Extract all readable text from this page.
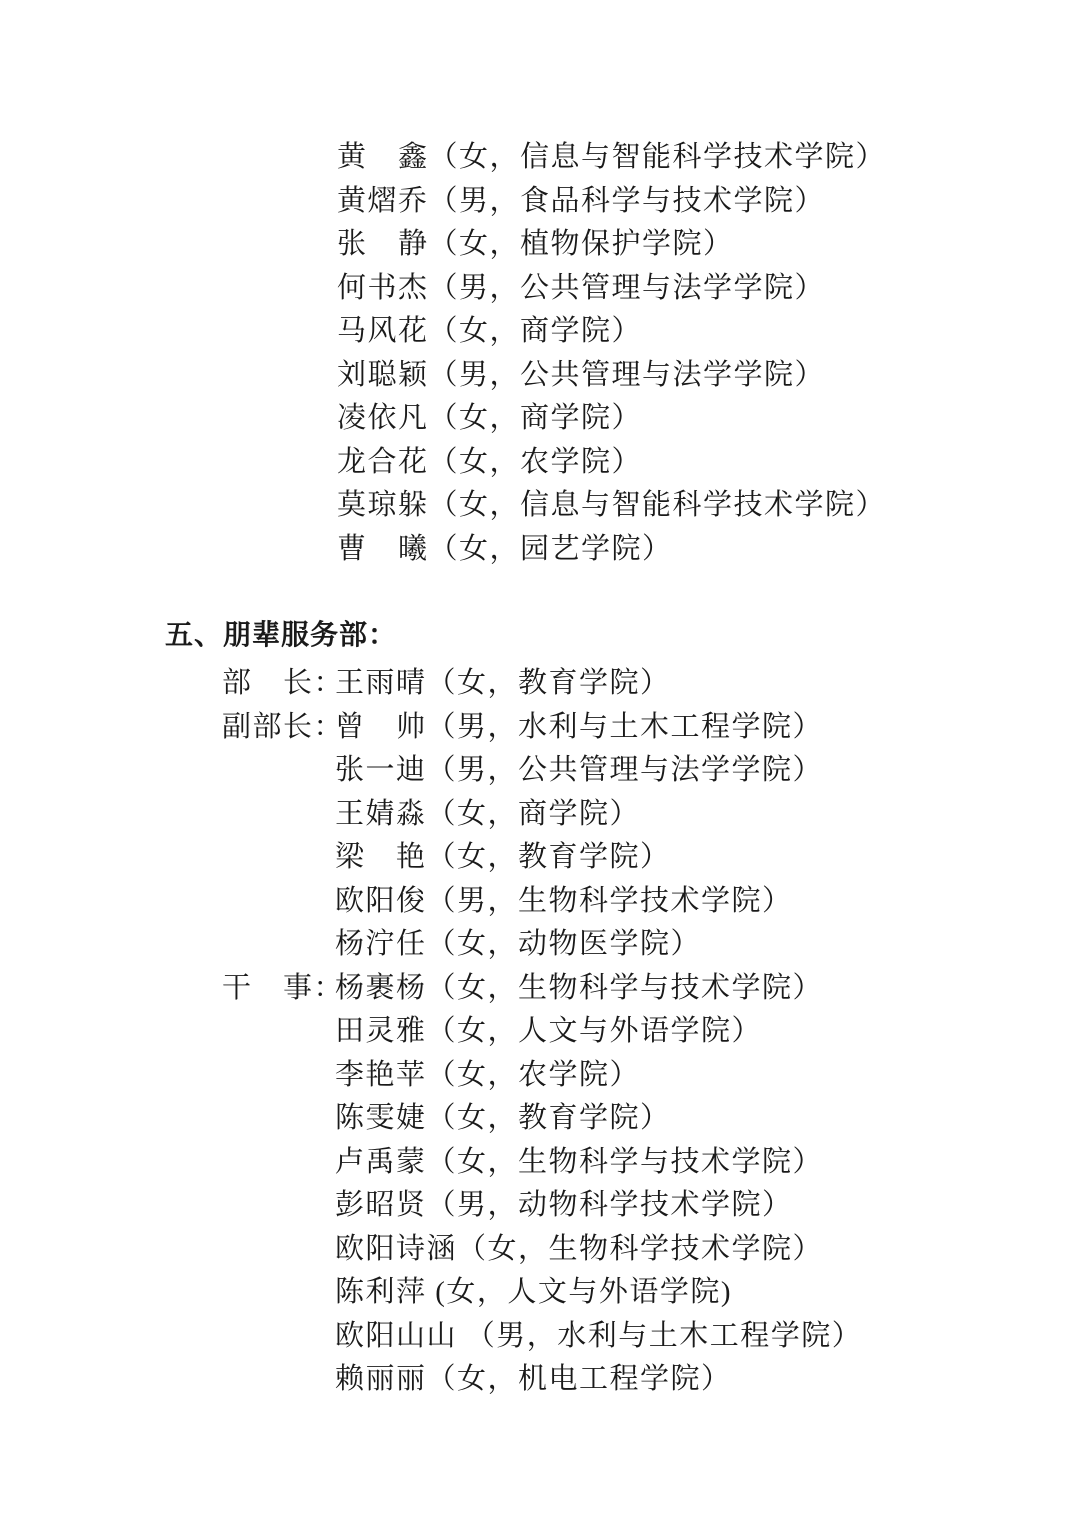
黄　鑫（女，信息与智能科学技术学院）
黄熠乔（男，食品科学与技术学院）
张　静（女，植物保护学院）
何书杰（男，公共管理与法学学院）
马风花（女，商学院）
刘聪颖（男，公共管理与法学学院）
凌依凡（女，商学院）
龙合花（女，农学院）
莫琼躲（女，信息与智能科学技术学院）
曹　曦（女，园艺学院）
五、朋辈服务部：
部　长：
王雨晴（女，教育学院）
副部长：
曾　帅（男，水利与土木工程学院）
张一迪（男，公共管理与法学学院）
王婧淼（女，商学院）
梁　艳（女，教育学院）
欧阳俊（男，生物科学技术学院）
杨泞任（女，动物医学院）
干　事：
杨裹杨（女，生物科学与技术学院）
田灵雅（女，人文与外语学院）
李艳苹（女，农学院）
陈雯婕（女，教育学院）
卢禹蒙（女，生物科学与技术学院）
彭昭贤（男，动物科学技术学院）
欧阳诗涵（女，生物科学技术学院）
陈利萍 (女，人文与外语学院)
欧阳山山 （男，水利与土木工程学院）
赖丽丽（女，机电工程学院）
